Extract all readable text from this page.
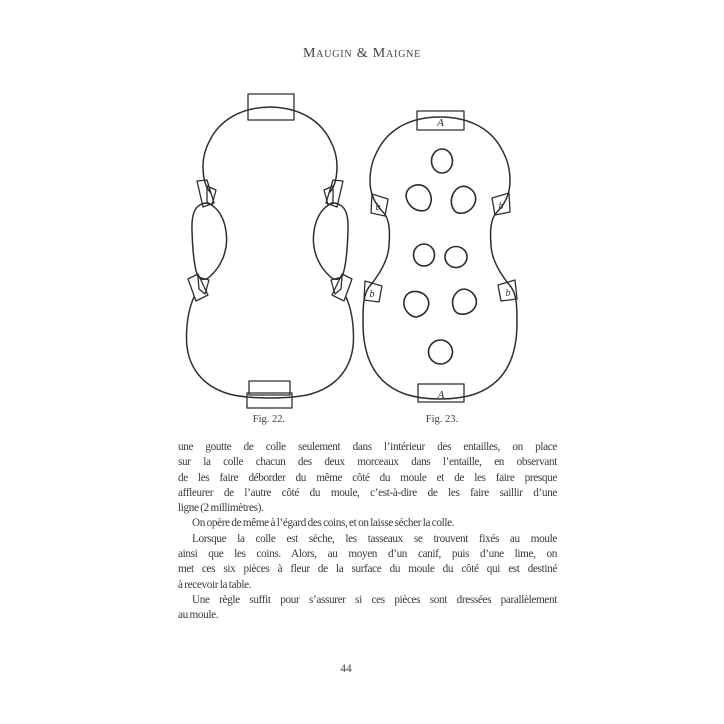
Maugin & Maigne
A
A
b	b
b	b
Fig. 22.	Fig. 23.
une goutte de colle seulement dans l’intérieur des entailles, on place
sur la colle chacun des deux morceaux dans l’entaille, en observant
de les faire déborder du même côté du moule et de les faire presque
affleurer de l’autre côté du moule, c’est-à-dire de les faire saillir d’une
ligne (2 millimètres).
On opère de même à l’égard des coins, et on laisse sécher la colle.
Lorsque la colle est sèche, les tasseaux se trouvent fixés au moule
ainsi que les coins. Alors, au moyen d’un canif, puis d’une lime, on
met ces six pièces à fleur de la surface du moule du côté qui est destiné
à recevoir la table.
Une règle suffit pour s’assurer si ces pièces sont dressées parallèlement
au moule.
44
